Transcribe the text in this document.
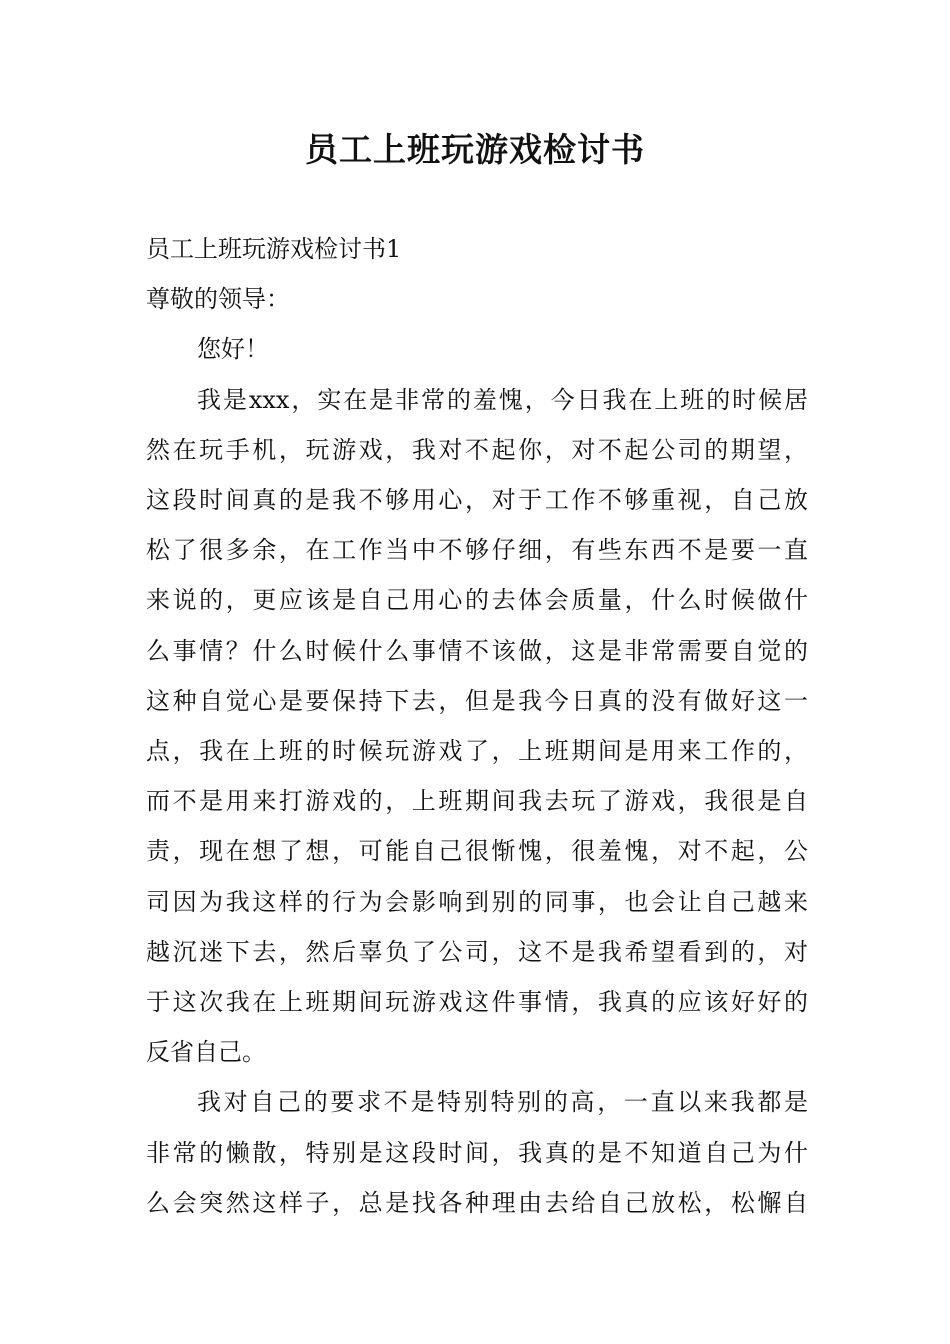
员工上班玩游戏检讨书

员工上班玩游戏检讨书1

尊敬的领导：

您好！

我是xxx，实在是非常的羞愧，今日我在上班的时候居

然在玩手机，玩游戏，我对不起你，对不起公司的期望，

这段时间真的是我不够用心，对于工作不够重视，自己放

松了很多余，在工作当中不够仔细，有些东西不是要一直

来说的，更应该是自己用心的去体会质量，什么时候做什

么事情？什么时候什么事情不该做，这是非常需要自觉的

这种自觉心是要保持下去，但是我今日真的没有做好这一

点，我在上班的时候玩游戏了，上班期间是用来工作的，

而不是用来打游戏的，上班期间我去玩了游戏，我很是自

责，现在想了想，可能自己很惭愧，很羞愧，对不起，公

司因为我这样的行为会影响到别的同事，也会让自己越来

越沉迷下去，然后辜负了公司，这不是我希望看到的，对

于这次我在上班期间玩游戏这件事情，我真的应该好好的

反省自己。

我对自己的要求不是特别特别的高，一直以来我都是

非常的懒散，特别是这段时间，我真的是不知道自己为什

么会突然这样子，总是找各种理由去给自己放松，松懈自
